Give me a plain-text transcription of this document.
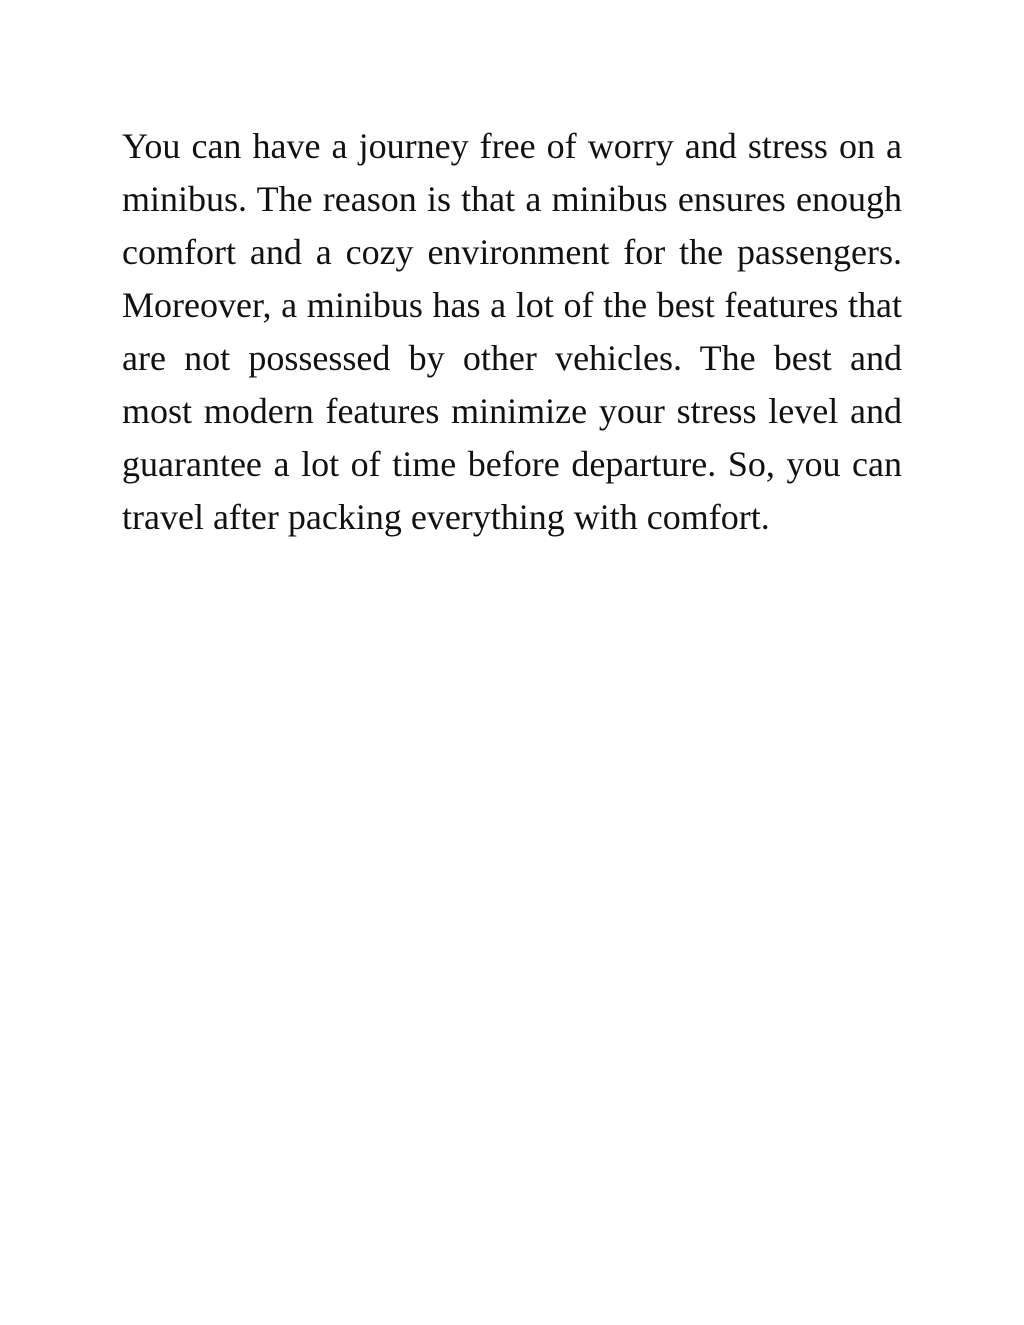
You can have a journey free of worry and stress on a minibus. The reason is that a minibus ensures enough comfort and a cozy environment for the passengers. Moreover, a minibus has a lot of the best features that are not possessed by other vehicles. The best and most modern features minimize your stress level and guarantee a lot of time before departure. So, you can travel after packing everything with comfort.
